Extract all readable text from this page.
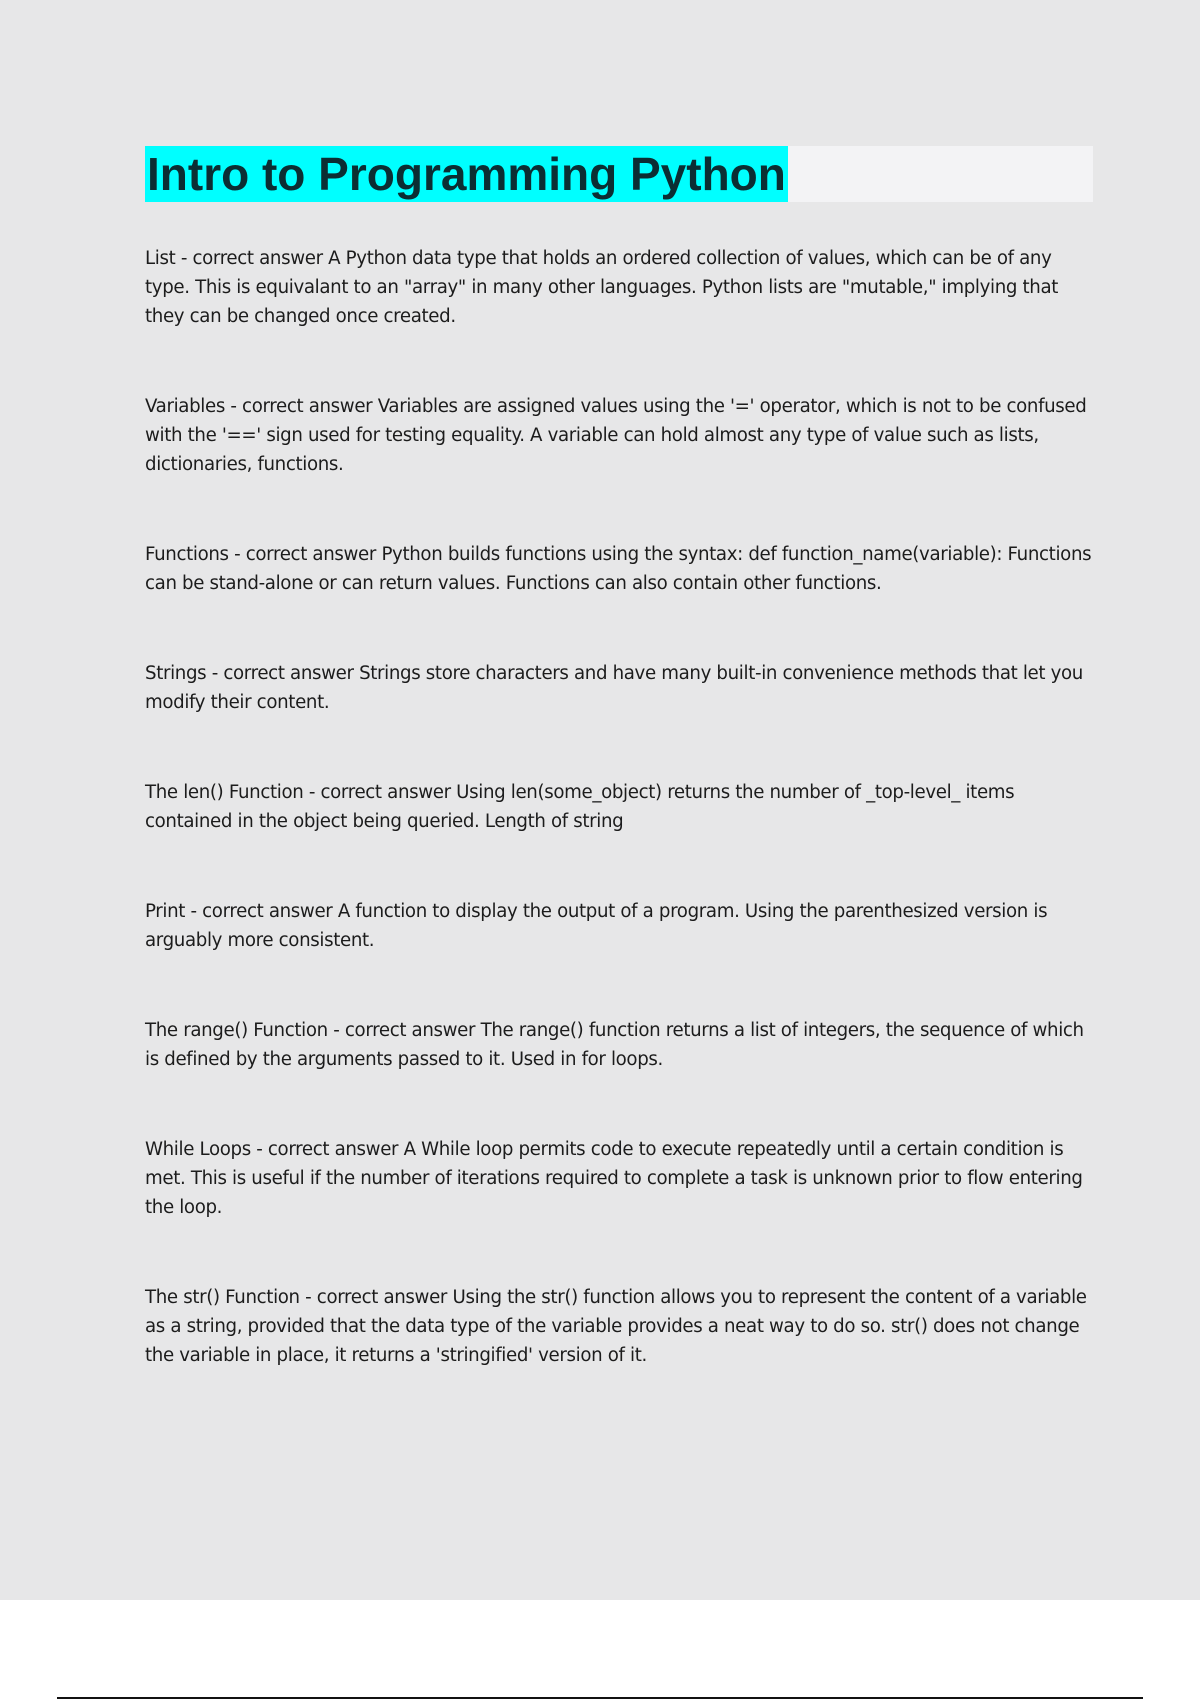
Intro to Programming Python
List - correct answer A Python data type that holds an ordered collection of values, which can be of any type. This is equivalant to an "array" in many other languages. Python lists are "mutable," implying that they can be changed once created.
Variables - correct answer Variables are assigned values using the '=' operator, which is not to be confused with the '==' sign used for testing equality. A variable can hold almost any type of value such as lists, dictionaries, functions.
Functions - correct answer Python builds functions using the syntax: def function_name(variable): Functions can be stand-alone or can return values. Functions can also contain other functions.
Strings - correct answer Strings store characters and have many built-in convenience methods that let you modify their content.
The len() Function - correct answer Using len(some_object) returns the number of _top-level_ items contained in the object being queried. Length of string
Print - correct answer A function to display the output of a program. Using the parenthesized version is arguably more consistent.
The range() Function - correct answer The range() function returns a list of integers, the sequence of which is defined by the arguments passed to it. Used in for loops.
While Loops - correct answer A While loop permits code to execute repeatedly until a certain condition is met. This is useful if the number of iterations required to complete a task is unknown prior to flow entering the loop.
The str() Function - correct answer Using the str() function allows you to represent the content of a variable as a string, provided that the data type of the variable provides a neat way to do so. str() does not change the variable in place, it returns a 'stringified' version of it.
